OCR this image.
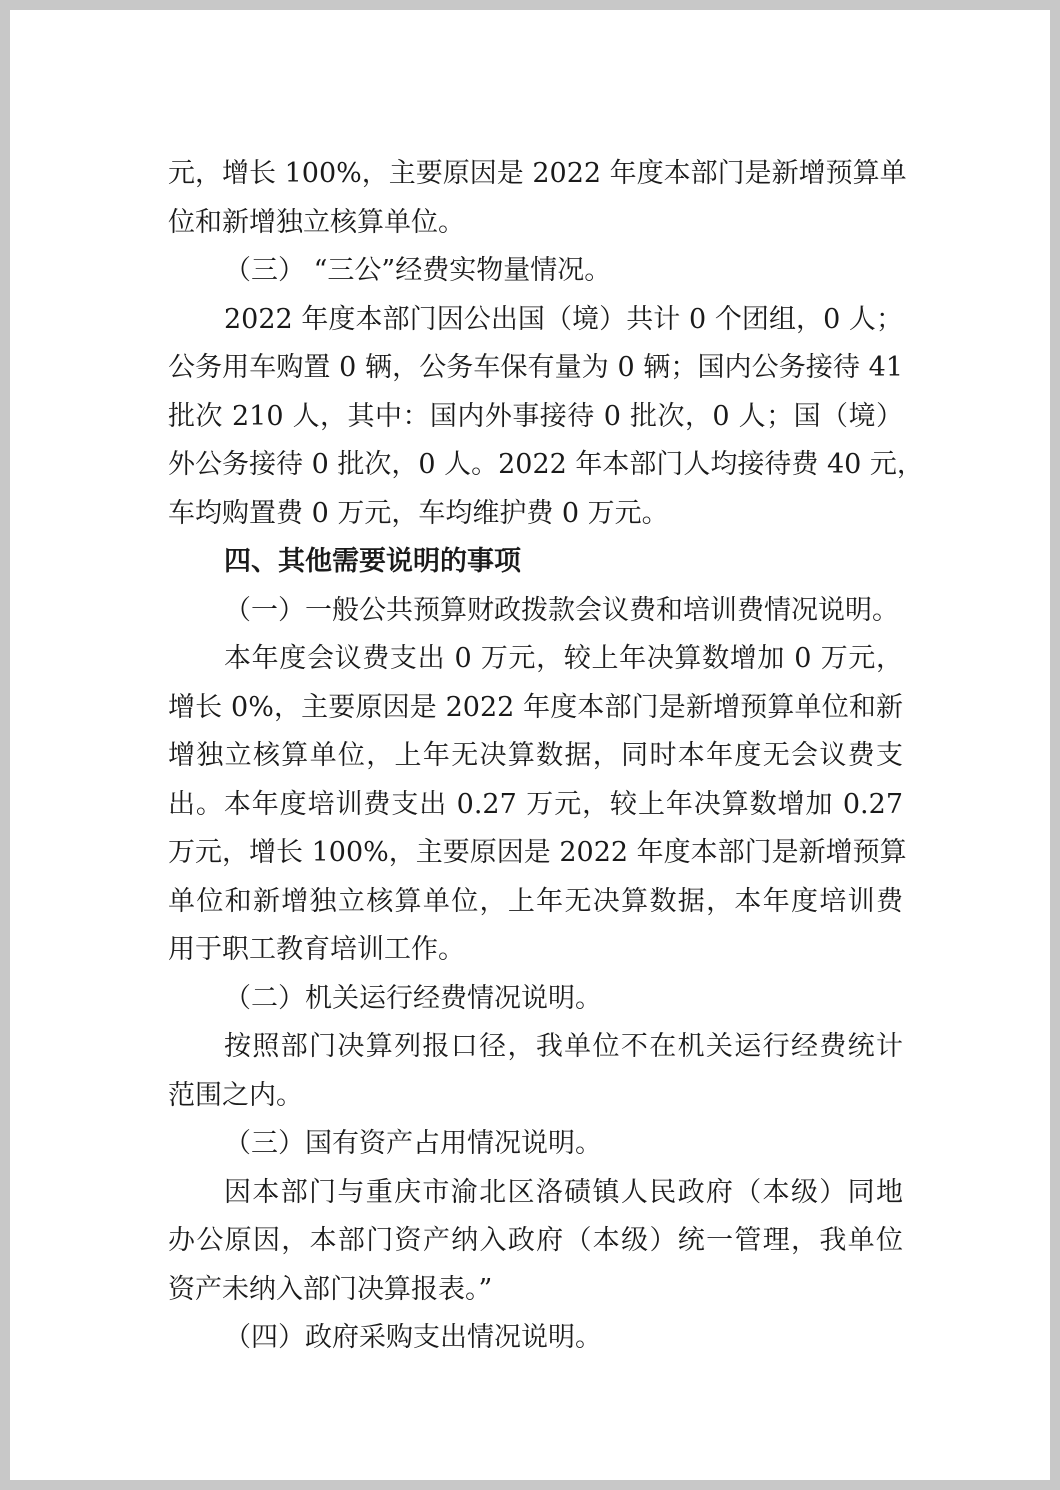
元，增长 100%，主要原因是 2022 年度本部门是新增预算单
位和新增独立核算单位。
（三） “三公”经费实物量情况。
2022 年度本部门因公出国（境）共计 0 个团组，0 人；
公务用车购置 0 辆，公务车保有量为 0 辆；国内公务接待 41
批次 210 人，其中：国内外事接待 0 批次，0 人；国（境）
外公务接待 0 批次，0 人。2022 年本部门人均接待费 40 元，
车均购置费 0 万元，车均维护费 0 万元。
四、其他需要说明的事项
（一）一般公共预算财政拨款会议费和培训费情况说明。
本年度会议费支出 0 万元，较上年决算数增加 0 万元，
增长 0%，主要原因是 2022 年度本部门是新增预算单位和新
增独立核算单位，上年无决算数据，同时本年度无会议费支
出。本年度培训费支出 0.27 万元，较上年决算数增加 0.27
万元，增长 100%，主要原因是 2022 年度本部门是新增预算
单位和新增独立核算单位，上年无决算数据，本年度培训费
用于职工教育培训工作。
（二）机关运行经费情况说明。
按照部门决算列报口径，我单位不在机关运行经费统计
范围之内。
（三）国有资产占用情况说明。
因本部门与重庆市渝北区洛碛镇人民政府（本级）同地
办公原因，本部门资产纳入政府（本级）统一管理，我单位
资产未纳入部门决算报表。”
（四）政府采购支出情况说明。
